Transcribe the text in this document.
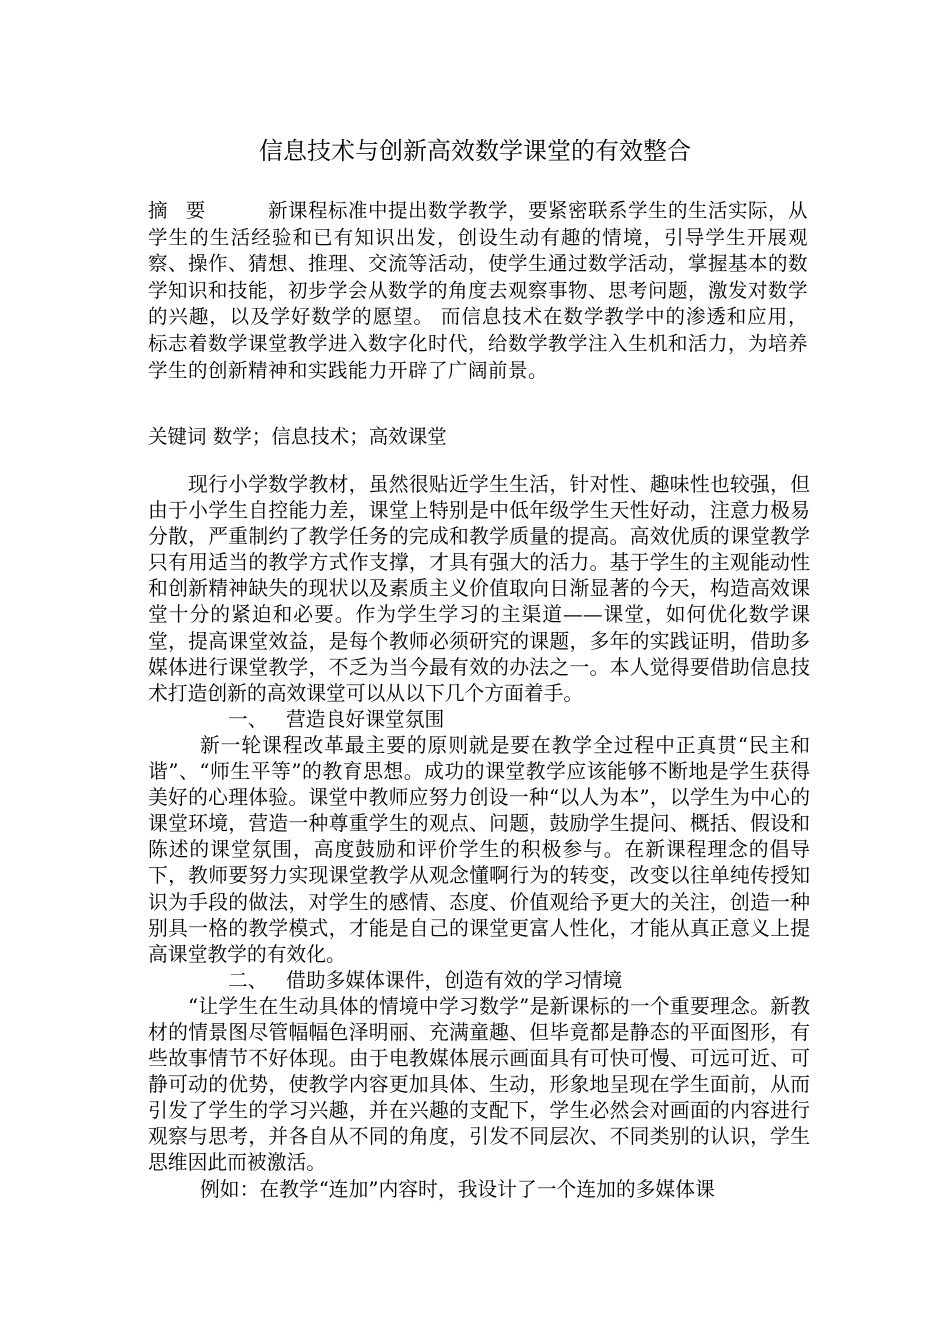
信息技术与创新高效数学课堂的有效整合

摘 要	新课程标准中提出数学教学，要紧密联系学生的生活实际，从学生的生活经验和已有知识出发，创设生动有趣的情境，引导学生开展观察、操作、猜想、推理、交流等活动，使学生通过数学活动，掌握基本的数学知识和技能，初步学会从数学的角度去观察事物、思考问题，激发对数学的兴趣，以及学好数学的愿望。 而信息技术在数学教学中的渗透和应用，标志着数学课堂教学进入数字化时代，给数学教学注入生机和活力，为培养学生的创新精神和实践能力开辟了广阔前景。

关键词 数学；信息技术；高效课堂

现行小学数学教材，虽然很贴近学生生活，针对性、趣味性也较强，但由于小学生自控能力差，课堂上特别是中低年级学生天性好动，注意力极易分散，严重制约了教学任务的完成和教学质量的提高。高效优质的课堂教学只有用适当的教学方式作支撑，才具有强大的活力。基于学生的主观能动性和创新精神缺失的现状以及素质主义价值取向日渐显著的今天，构造高效课堂十分的紧迫和必要。作为学生学习的主渠道——课堂，如何优化数学课堂，提高课堂效益，是每个教师必须研究的课题，多年的实践证明，借助多媒体进行课堂教学，不乏为当今最有效的办法之一。本人觉得要借助信息技术打造创新的高效课堂可以从以下几个方面着手。

一、 营造良好课堂氛围

新一轮课程改革最主要的原则就是要在教学全过程中正真贯“民主和谐”、“师生平等”的教育思想。成功的课堂教学应该能够不断地是学生获得美好的心理体验。课堂中教师应努力创设一种“以人为本”，以学生为中心的课堂环境，营造一种尊重学生的观点、问题，鼓励学生提问、概括、假设和陈述的课堂氛围，高度鼓励和评价学生的积极参与。在新课程理念的倡导下，教师要努力实现课堂教学从观念懂啊行为的转变，改变以往单纯传授知识为手段的做法，对学生的感情、态度、价值观给予更大的关注，创造一种别具一格的教学模式，才能是自己的课堂更富人性化，才能从真正意义上提高课堂教学的有效化。

二、 借助多媒体课件，创造有效的学习情境

“让学生在生动具体的情境中学习数学”是新课标的一个重要理念。新教材的情景图尽管幅幅色泽明丽、充满童趣、但毕竟都是静态的平面图形，有些故事情节不好体现。由于电教媒体展示画面具有可快可慢、可远可近、可静可动的优势，使教学内容更加具体、生动，形象地呈现在学生面前，从而引发了学生的学习兴趣，并在兴趣的支配下，学生必然会对画面的内容进行观察与思考，并各自从不同的角度，引发不同层次、不同类别的认识，学生思维因此而被激活。

例如：在教学“连加”内容时，我设计了一个连加的多媒体课
